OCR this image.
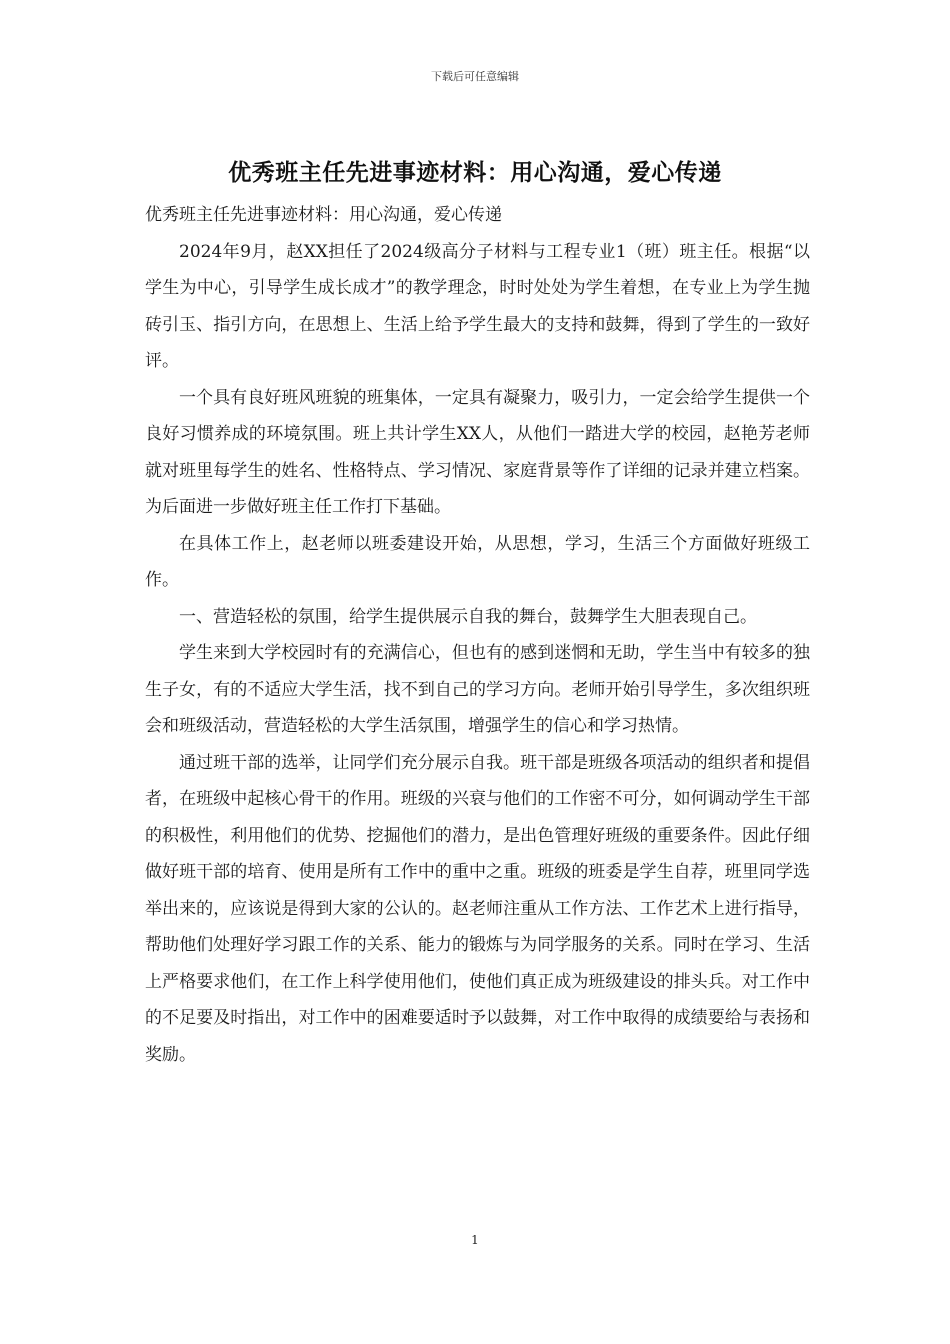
下载后可任意编辑
优秀班主任先进事迹材料：用心沟通，爱心传递

优秀班主任先进事迹材料：用心沟通，爱心传递

2024年9月，赵XX担任了2024级高分子材料与工程专业1（班）班主任。根据“以学生为中心，引导学生成长成才”的教学理念，时时处处为学生着想，在专业上为学生抛砖引玉、指引方向，在思想上、生活上给予学生最大的支持和鼓舞，得到了学生的一致好评。

一个具有良好班风班貌的班集体，一定具有凝聚力，吸引力，一定会给学生提供一个良好习惯养成的环境氛围。班上共计学生XX人，从他们一踏进大学的校园，赵艳芳老师就对班里每学生的姓名、性格特点、学习情况、家庭背景等作了详细的记录并建立档案。为后面进一步做好班主任工作打下基础。

在具体工作上，赵老师以班委建设开始，从思想，学习，生活三个方面做好班级工作。

一、营造轻松的氛围，给学生提供展示自我的舞台，鼓舞学生大胆表现自己。

学生来到大学校园时有的充满信心，但也有的感到迷惘和无助，学生当中有较多的独生子女，有的不适应大学生活，找不到自己的学习方向。老师开始引导学生，多次组织班会和班级活动，营造轻松的大学生活氛围，增强学生的信心和学习热情。

通过班干部的选举，让同学们充分展示自我。班干部是班级各项活动的组织者和提倡者，在班级中起核心骨干的作用。班级的兴衰与他们的工作密不可分，如何调动学生干部的积极性，利用他们的优势、挖掘他们的潜力，是出色管理好班级的重要条件。因此仔细做好班干部的培育、使用是所有工作中的重中之重。班级的班委是学生自荐，班里同学选举出来的，应该说是得到大家的公认的。赵老师注重从工作方法、工作艺术上进行指导，帮助他们处理好学习跟工作的关系、能力的锻炼与为同学服务的关系。同时在学习、生活上严格要求他们，在工作上科学使用他们，使他们真正成为班级建设的排头兵。对工作中的不足要及时指出，对工作中的困难要适时予以鼓舞，对工作中取得的成绩要给与表扬和奖励。

1
